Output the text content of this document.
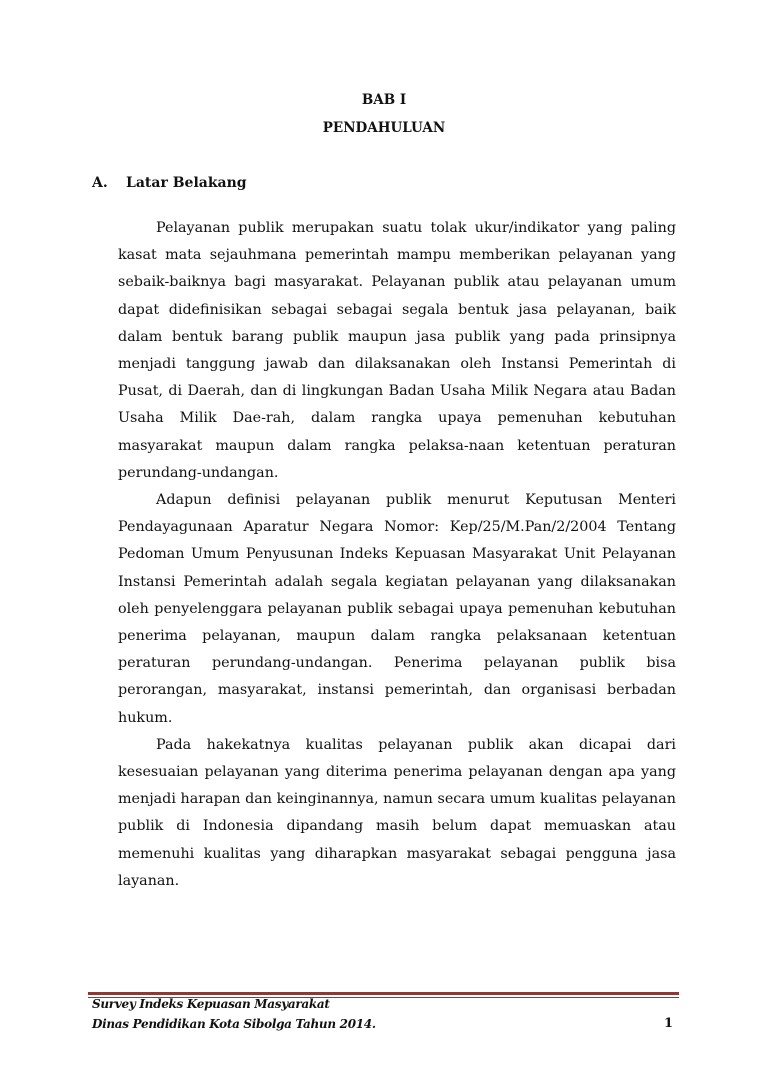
BAB I
PENDAHULUAN
A. Latar Belakang

Pelayanan publik merupakan suatu tolak ukur/indikator yang paling kasat mata sejauhmana pemerintah mampu memberikan pelayanan yang sebaik-baiknya bagi masyarakat. Pelayanan publik atau pelayanan umum dapat didefinisikan sebagai sebagai segala bentuk jasa pelayanan, baik dalam bentuk barang publik maupun jasa publik yang pada prinsipnya menjadi tanggung jawab dan dilaksanakan oleh Instansi Pemerintah di Pusat, di Daerah, dan di lingkungan Badan Usaha Milik Negara atau Badan Usaha Milik Dae-rah, dalam rangka upaya pemenuhan kebutuhan masyarakat maupun dalam rangka pelaksa-naan ketentuan peraturan perundang-undangan.

Adapun definisi pelayanan publik menurut Keputusan Menteri Pendayagunaan Aparatur Negara Nomor: Kep/25/M.Pan/2/2004 Tentang Pedoman Umum Penyusunan Indeks Kepuasan Masyarakat Unit Pelayanan Instansi Pemerintah adalah segala kegiatan pelayanan yang dilaksanakan oleh penyelenggara pelayanan publik sebagai upaya pemenuhan kebutuhan penerima pelayanan, maupun dalam rangka pelaksanaan ketentuan peraturan perundang-undangan. Penerima pelayanan publik bisa perorangan, masyarakat, instansi pemerintah, dan organisasi berbadan hukum.

Pada hakekatnya kualitas pelayanan publik akan dicapai dari kesesuaian pelayanan yang diterima penerima pelayanan dengan apa yang menjadi harapan dan keinginannya, namun secara umum kualitas pelayanan publik di Indonesia dipandang masih belum dapat memuaskan atau memenuhi kualitas yang diharapkan masyarakat sebagai pengguna jasa layanan.

Survey Indeks Kepuasan Masyarakat
Dinas Pendidikan Kota Sibolga Tahun 2014.	1
